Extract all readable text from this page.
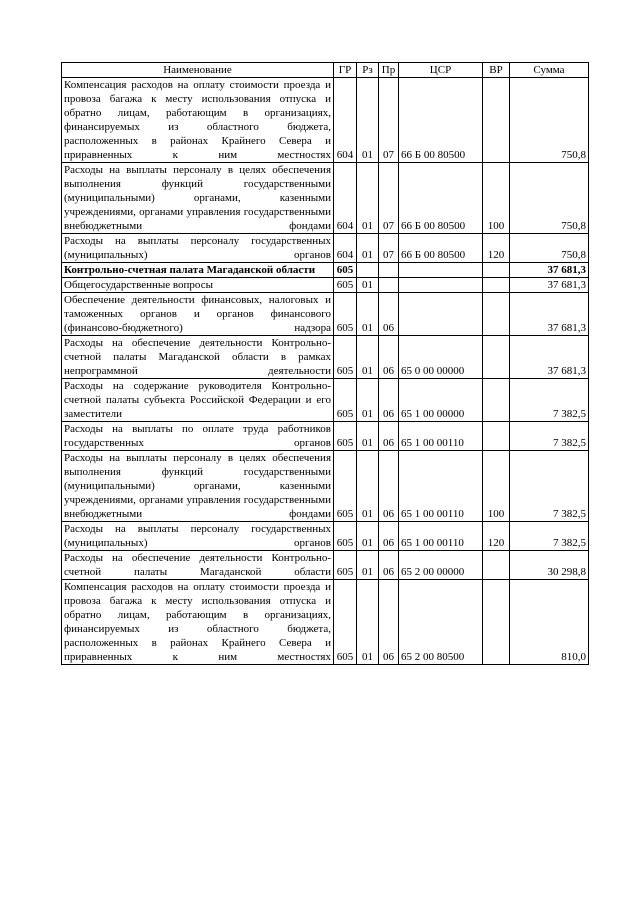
Наименование	ГР	Рз	Пр	ЦСР	ВР	Сумма
Компенсация расходов на оплату стоимости проезда и провоза багажа к месту использования отпуска и обратно лицам, работающим в организациях, финансируемых из областного бюджета, расположенных в районах Крайнего Севера и приравненных к ним местностях	604	01	07	66 Б 00 80500		750,8
Расходы на выплаты персоналу в целях обеспечения выполнения функций государственными (муниципальными) органами, казенными учреждениями, органами управления государственными внебюджетными фондами	604	01	07	66 Б 00 80500	100	750,8
Расходы на выплаты персоналу государственных (муниципальных) органов	604	01	07	66 Б 00 80500	120	750,8
Контрольно-счетная палата Магаданской области	605					37 681,3
Общегосударственные вопросы	605	01				37 681,3
Обеспечение деятельности финансовых, налоговых и таможенных органов и органов финансового (финансово-бюджетного) надзора	605	01	06			37 681,3
Расходы на обеспечение деятельности Контрольно-счетной палаты Магаданской области в рамках непрограммной деятельности	605	01	06	65 0 00 00000		37 681,3
Расходы на содержание руководителя Контрольно-счетной палаты субъекта Российской Федерации и его заместители	605	01	06	65 1 00 00000		7 382,5
Расходы на выплаты по оплате труда работников государственных органов	605	01	06	65 1 00 00110		7 382,5
Расходы на выплаты персоналу в целях обеспечения выполнения функций государственными (муниципальными) органами, казенными учреждениями, органами управления государственными внебюджетными фондами	605	01	06	65 1 00 00110	100	7 382,5
Расходы на выплаты персоналу государственных (муниципальных) органов	605	01	06	65 1 00 00110	120	7 382,5
Расходы на обеспечение деятельности Контрольно-счетной палаты Магаданской области	605	01	06	65 2 00 00000		30 298,8
Компенсация расходов на оплату стоимости проезда и провоза багажа к месту использования отпуска и обратно лицам, работающим в организациях, финансируемых из областного бюджета, расположенных в районах Крайнего Севера и приравненных к ним местностях	605	01	06	65 2 00 80500		810,0
